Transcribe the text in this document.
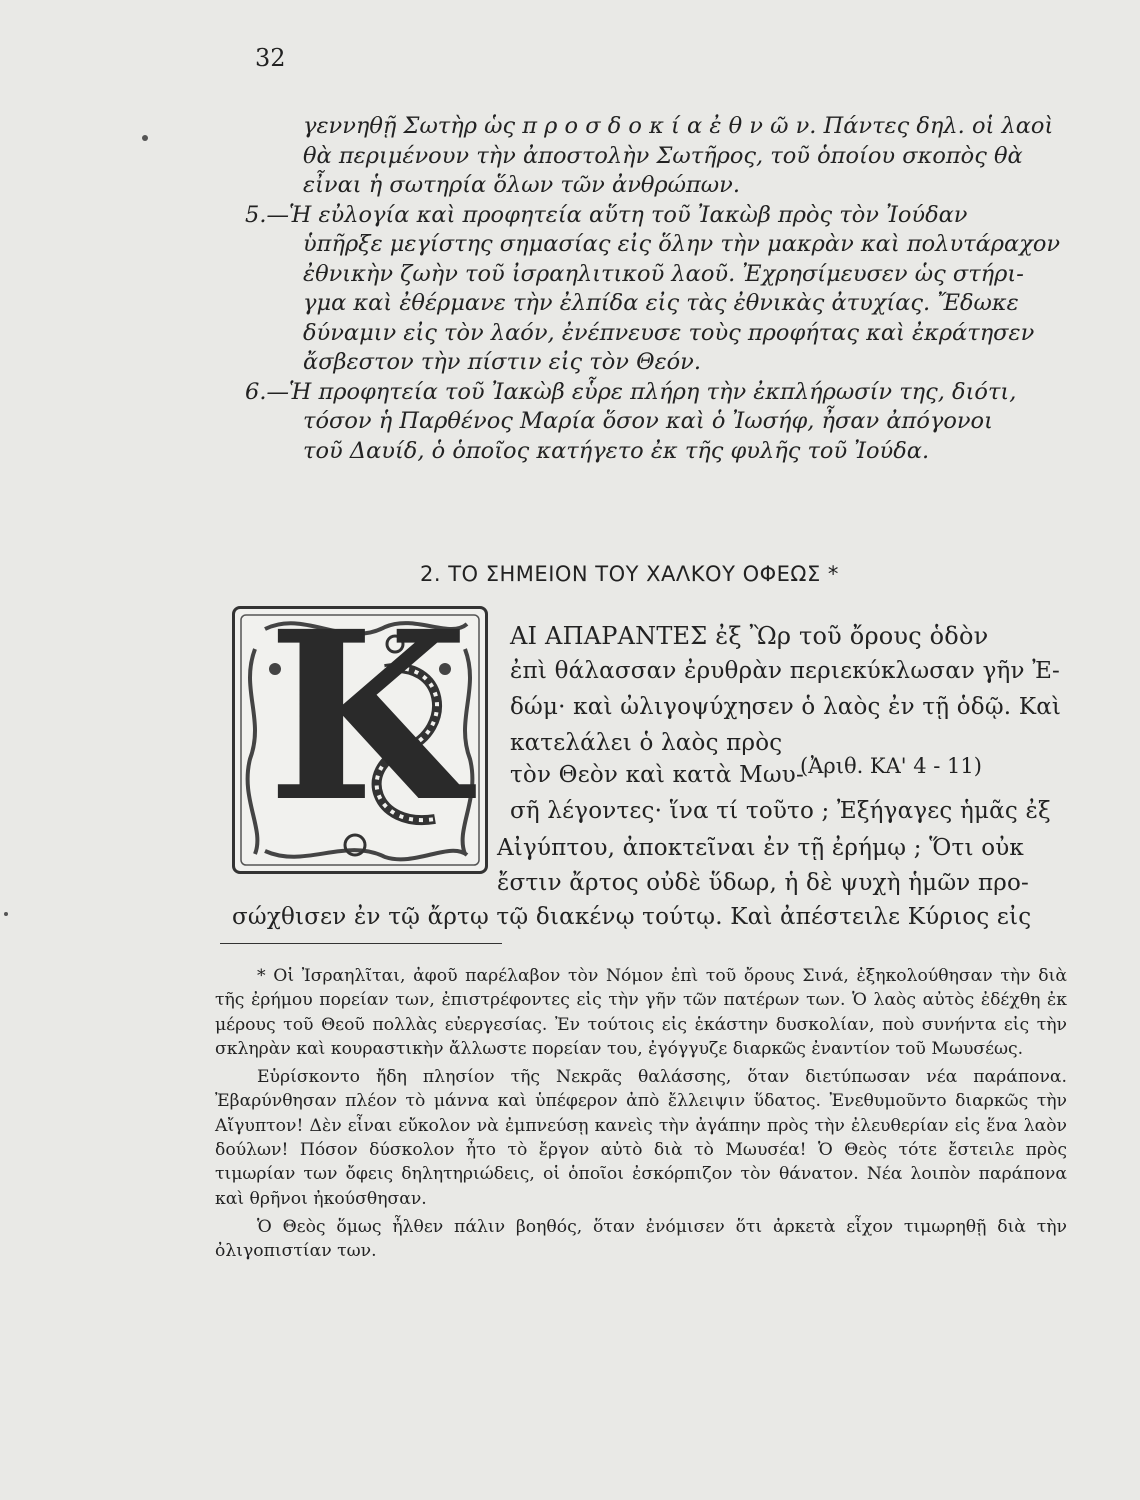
32

γεννηθῇ Σωτὴρ ὡς π ρ ο σ δ ο κ ί α ἐ θ ν ῶ ν. Πάντες δηλ. οἱ λαοὶ

θὰ περιμένουν τὴν ἀποστολὴν Σωτῆρος, τοῦ ὁποίου σκοπὸς θὰ

εἶναι ἡ σωτηρία ὅλων τῶν ἀνθρώπων.

5.—Ἡ εὐλογία καὶ προφητεία αὕτη τοῦ Ἰακὼβ πρὸς τὸν Ἰούδαν

ὑπῆρξε μεγίστης σημασίας εἰς ὅλην τὴν μακρὰν καὶ πολυτάραχον

ἐθνικὴν ζωὴν τοῦ ἰσραηλιτικοῦ λαοῦ. Ἐχρησίμευσεν ὡς στήρι-

γμα καὶ ἐθέρμανε τὴν ἐλπίδα εἰς τὰς ἐθνικὰς ἀτυχίας. Ἔδωκε

δύναμιν εἰς τὸν λαόν, ἐνέπνευσε τοὺς προφήτας καὶ ἐκράτησεν

ἄσβεστον τὴν πίστιν εἰς τὸν Θεόν.

6.—Ἡ προφητεία τοῦ Ἰακὼβ εὗρε πλήρη τὴν ἐκπλήρωσίν της, διότι,

τόσον ἡ Παρθένος Μαρία ὅσον καὶ ὁ Ἰωσήφ, ἦσαν ἀπόγονοι

τοῦ Δαυίδ, ὁ ὁποῖος κατήγετο ἐκ τῆς φυλῆς τοῦ Ἰούδα.

2. ΤΟ ΣΗΜΕΙΟΝ ΤΟΥ ΧΑΛΚΟΥ ΟΦΕΩΣ *
K ΑΙ ΑΠΑΡΑΝΤΕΣ ἐξ Ὢρ τοῦ ὄρους ὁδὸν
ἐπὶ θάλασσαν ἐρυθρὰν περιεκύκλωσαν γῆν Ἐ-
δώμ· καὶ ὠλιγοψύχησεν ὁ λαὸς ἐν τῇ ὁδῷ. Καὶ
κατελάλει ὁ λαὸς πρὸς
τὸν Θεὸν καὶ κατὰ Μωυ-
(Ἀριθ. ΚΑ' 4 - 11)
σῆ λέγοντες· ἵνα τί τοῦτο ; Ἐξήγαγες ἡμᾶς ἐξ
Αἰγύπτου, ἀποκτεῖναι ἐν τῇ ἐρήμῳ ; Ὅτι οὐκ
ἔστιν ἄρτος οὐδὲ ὕδωρ, ἡ δὲ ψυχὴ ἡμῶν προ-
σώχθισεν ἐν τῷ ἄρτῳ τῷ διακένῳ τούτῳ. Καὶ ἀπέστειλε Κύριος εἰς

* Οἱ Ἰσραηλῖται, ἀφοῦ παρέλαβον τὸν Νόμον ἐπὶ τοῦ ὄρους Σινά, ἐξηκολούθησαν τὴν διὰ τῆς ἐρήμου πορείαν των, ἐπιστρέφοντες εἰς τὴν γῆν τῶν πατέρων των. Ὁ λαὸς αὐτὸς ἐδέχθη ἐκ μέρους τοῦ Θεοῦ πολλὰς εὐεργεσίας. Ἐν τούτοις εἰς ἑκάστην δυσκολίαν, ποὺ συνήντα εἰς τὴν σκληρὰν καὶ κουραστικὴν ἄλλωστε πορείαν του, ἐγόγγυζε διαρκῶς ἐναντίον τοῦ Μωυσέως.

Εὑρίσκοντο ἤδη πλησίον τῆς Νεκρᾶς θαλάσσης, ὅταν διετύπωσαν νέα παράπονα. Ἐβαρύνθησαν πλέον τὸ μάννα καὶ ὑπέφερον ἀπὸ ἔλλειψιν ὕδατος. Ἐνεθυμοῦντο διαρκῶς τὴν Αἴγυπτον! Δὲν εἶναι εὔκολον νὰ ἐμπνεύσῃ κανεὶς τὴν ἀγάπην πρὸς τὴν ἐλευθερίαν εἰς ἕνα λαὸν δούλων! Πόσον δύσκολον ἦτο τὸ ἔργον αὐτὸ διὰ τὸ Μωυσέα! Ὁ Θεὸς τότε ἔστειλε πρὸς τιμωρίαν των ὄφεις δηλητηριώδεις, οἱ ὁποῖοι ἐσκόρπιζον τὸν θάνατον. Νέα λοιπὸν παράπονα καὶ θρῆνοι ἠκούσθησαν.

Ὁ Θεὸς ὅμως ἦλθεν πάλιν βοηθός, ὅταν ἐνόμισεν ὅτι ἀρκετὰ εἶχον τιμωρηθῇ διὰ τὴν ὀλιγοπιστίαν των.
